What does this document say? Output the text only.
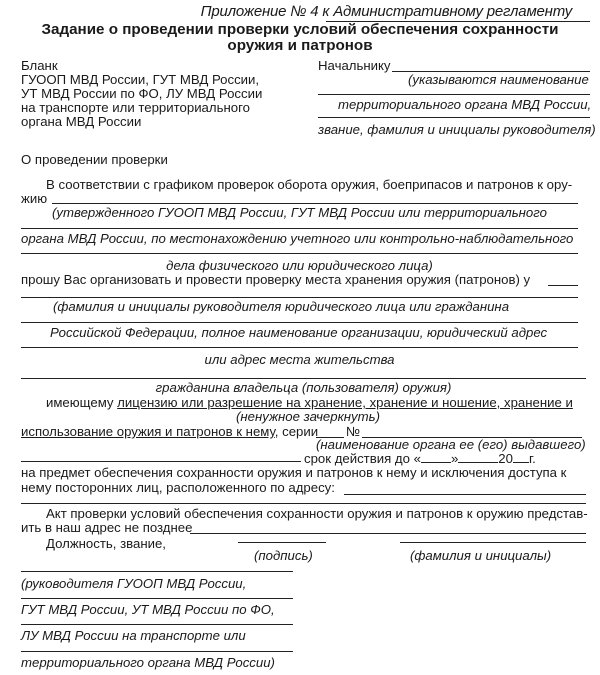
Приложение № 4 к Административному регламенту
Задание о проведении проверки условий обеспечения сохранности
оружия и патронов
Бланк
ГУООП МВД России, ГУТ МВД России,
УТ МВД России по ФО, ЛУ МВД России
на транспорте или территориального
органа МВД России
Начальнику
(указываются наименование
территориального органа МВД России,
звание, фамилия и инициалы руководителя)
О проведении проверки
В соответствии с графиком проверок оборота оружия, боеприпасов и патронов к ору-
жию
(утвержденного ГУООП МВД России, ГУТ МВД России или территориального
органа МВД России, по местонахождению учетного или контрольно-наблюдательного
дела физического или юридического лица)
прошу Вас организовать и провести проверку места хранения оружия (патронов) у
(фамилия и инициалы руководителя юридического лица или гражданина
Российской Федерации, полное наименование организации, юридический адрес
или адрес места жительства
гражданина владельца (пользователя) оружия)
имеющему лицензию или разрешение на хранение, хранение и ношение, хранение и
(ненужное зачеркнуть)
использование оружия и патронов к нему, серии №
(наименование органа ее (его) выдавшего)
срок действия до « »	20 г.
на предмет обеспечения сохранности оружия и патронов к нему и исключения доступа к
нему посторонних лиц, расположенного по адресу:
Акт проверки условий обеспечения сохранности оружия и патронов к оружию представ-
ить в наш адрес не позднее
Должность, звание,
(подпись)	(фамилия и инициалы)
(руководителя ГУООП МВД России,
ГУТ МВД России, УТ МВД России по ФО,
ЛУ МВД России на транспорте или
территориального органа МВД России)
